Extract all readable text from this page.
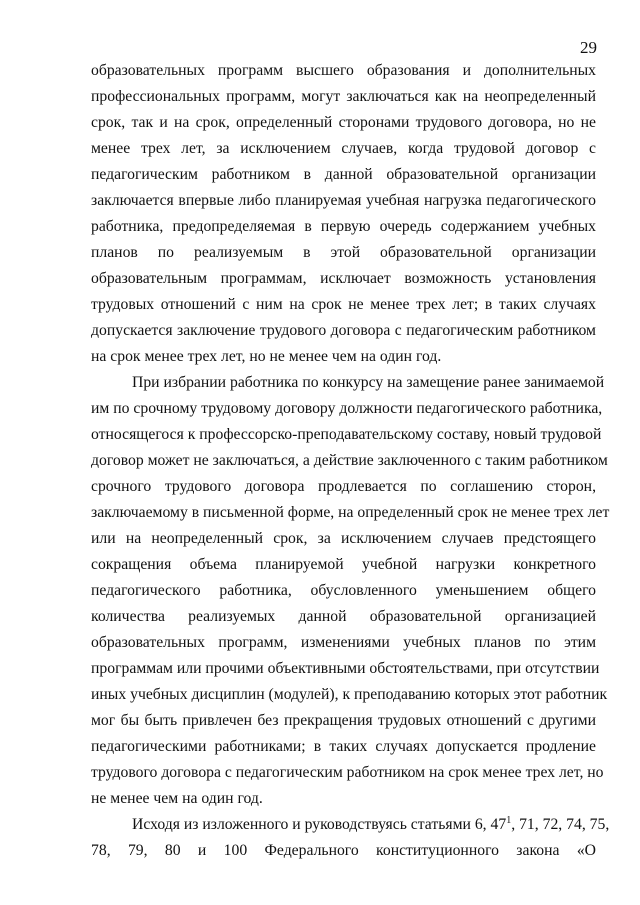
29
образовательных программ высшего образования и дополнительных
профессиональных программ, могут заключаться как на неопределенный
срок, так и на срок, определенный сторонами трудового договора, но не
менее трех лет, за исключением случаев, когда трудовой договор с
педагогическим работником в данной образовательной организации
заключается впервые либо планируемая учебная нагрузка педагогического
работника, предопределяемая в первую очередь содержанием учебных
планов по реализуемым в этой образовательной организации
образовательным программам, исключает возможность установления
трудовых отношений с ним на срок не менее трех лет; в таких случаях
допускается заключение трудового договора с педагогическим работником
на срок менее трех лет, но не менее чем на один год.
При избрании работника по конкурсу на замещение ранее занимаемой
им по срочному трудовому договору должности педагогического работника,
относящегося к профессорско-преподавательскому составу, новый трудовой
договор может не заключаться, а действие заключенного с таким работником
срочного трудового договора продлевается по соглашению сторон,
заключаемому в письменной форме, на определенный срок не менее трех лет
или на неопределенный срок, за исключением случаев предстоящего
сокращения объема планируемой учебной нагрузки конкретного
педагогического работника, обусловленного уменьшением общего
количества реализуемых данной образовательной организацией
образовательных программ, изменениями учебных планов по этим
программам или прочими объективными обстоятельствами, при отсутствии
иных учебных дисциплин (модулей), к преподаванию которых этот работник
мог бы быть привлечен без прекращения трудовых отношений с другими
педагогическими работниками; в таких случаях допускается продление
трудового договора с педагогическим работником на срок менее трех лет, но
не менее чем на один год.
Исходя из изложенного и руководствуясь статьями 6, $47^1$, 71, 72, 74, 75,
78, 79, 80 и 100 Федерального конституционного закона «О
